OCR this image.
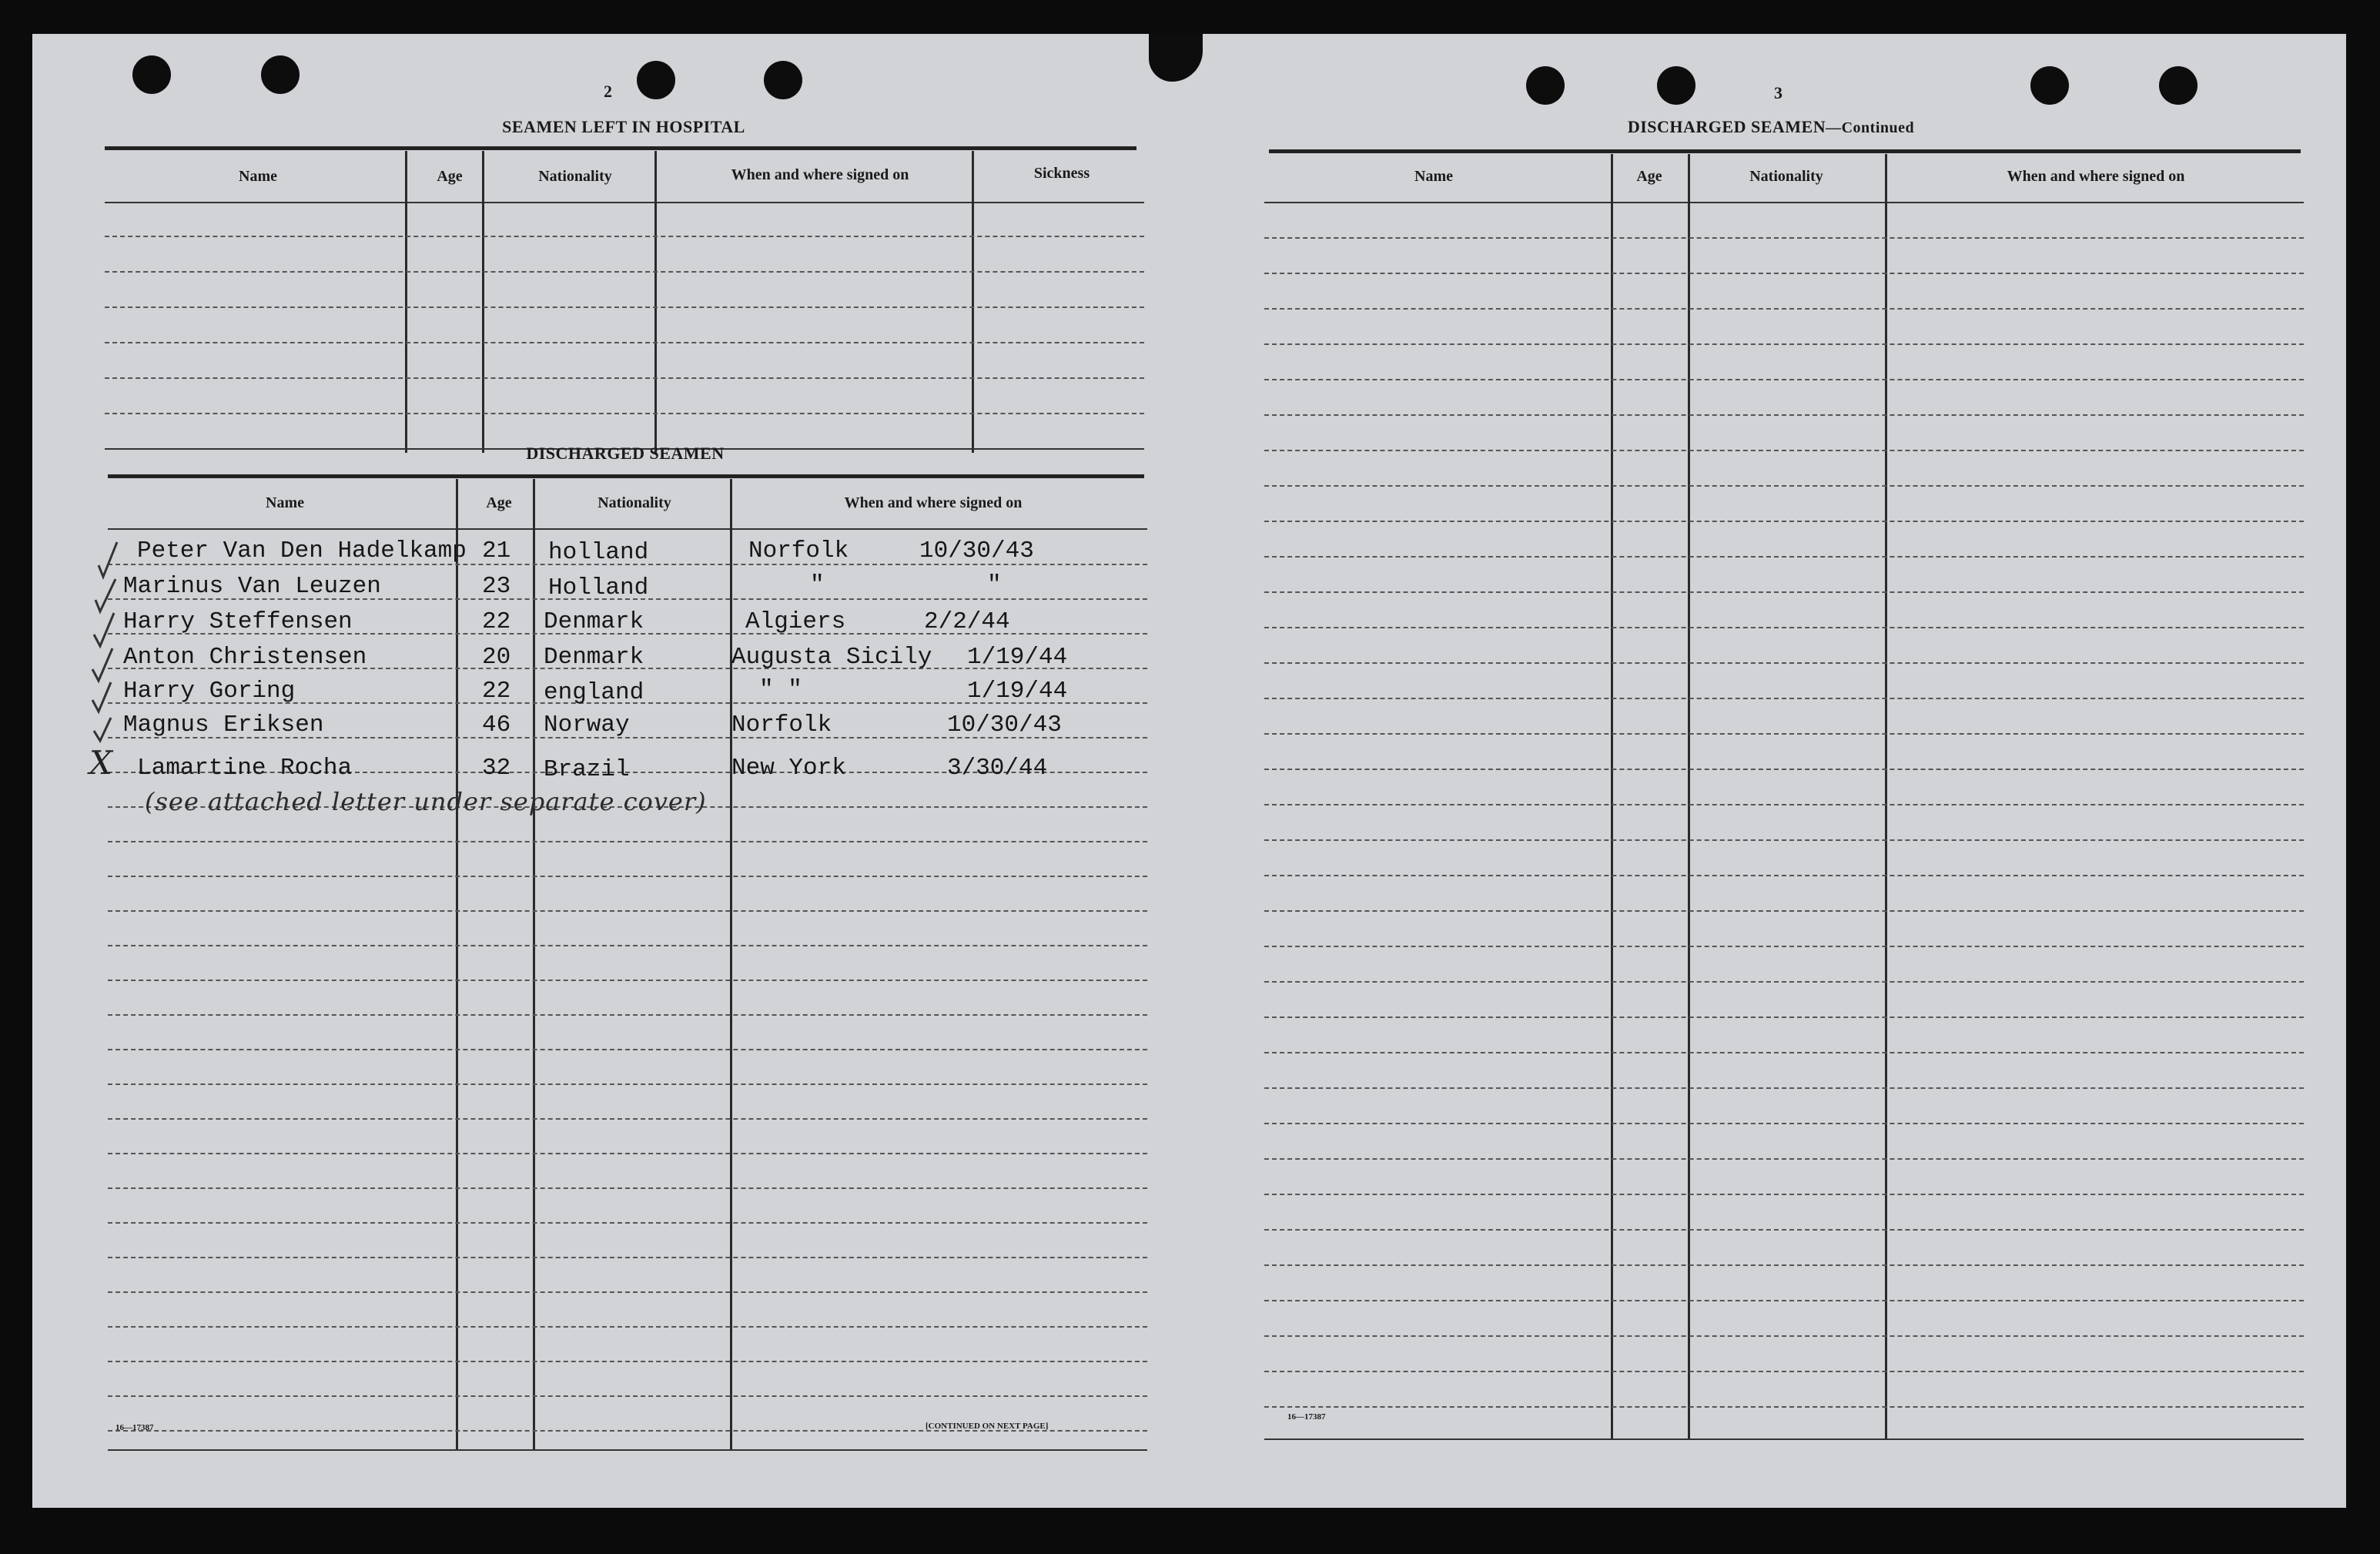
2
SEAMEN LEFT IN HOSPITAL
Name	Age	Nationality	When and where signed on	Sickness
DISCHARGED SEAMEN
Name	Age	Nationality	When and where signed on
Peter Van Den Hadelkamp 21 holland	Norfolk	10/30/43
Marinus Van Leuzen	23 Holland	"	"
Harry Steffensen	22 Denmark	Algiers	2/2/44
Anton Christensen	20 Denmark	Augusta Sicily 1/19/44
Harry Goring	22 england	" "	1/19/44
Magnus Eriksen	46 Norway	Norfolk	10/30/43
Lamartine Rocha	32 Brazil	New York	3/30/44
X
(see attached letter under separate cover)
16—17387	[CONTINUED ON NEXT PAGE]
3
DISCHARGED SEAMEN—Continued
Name	Age	Nationality	When and where signed on
16—17387
